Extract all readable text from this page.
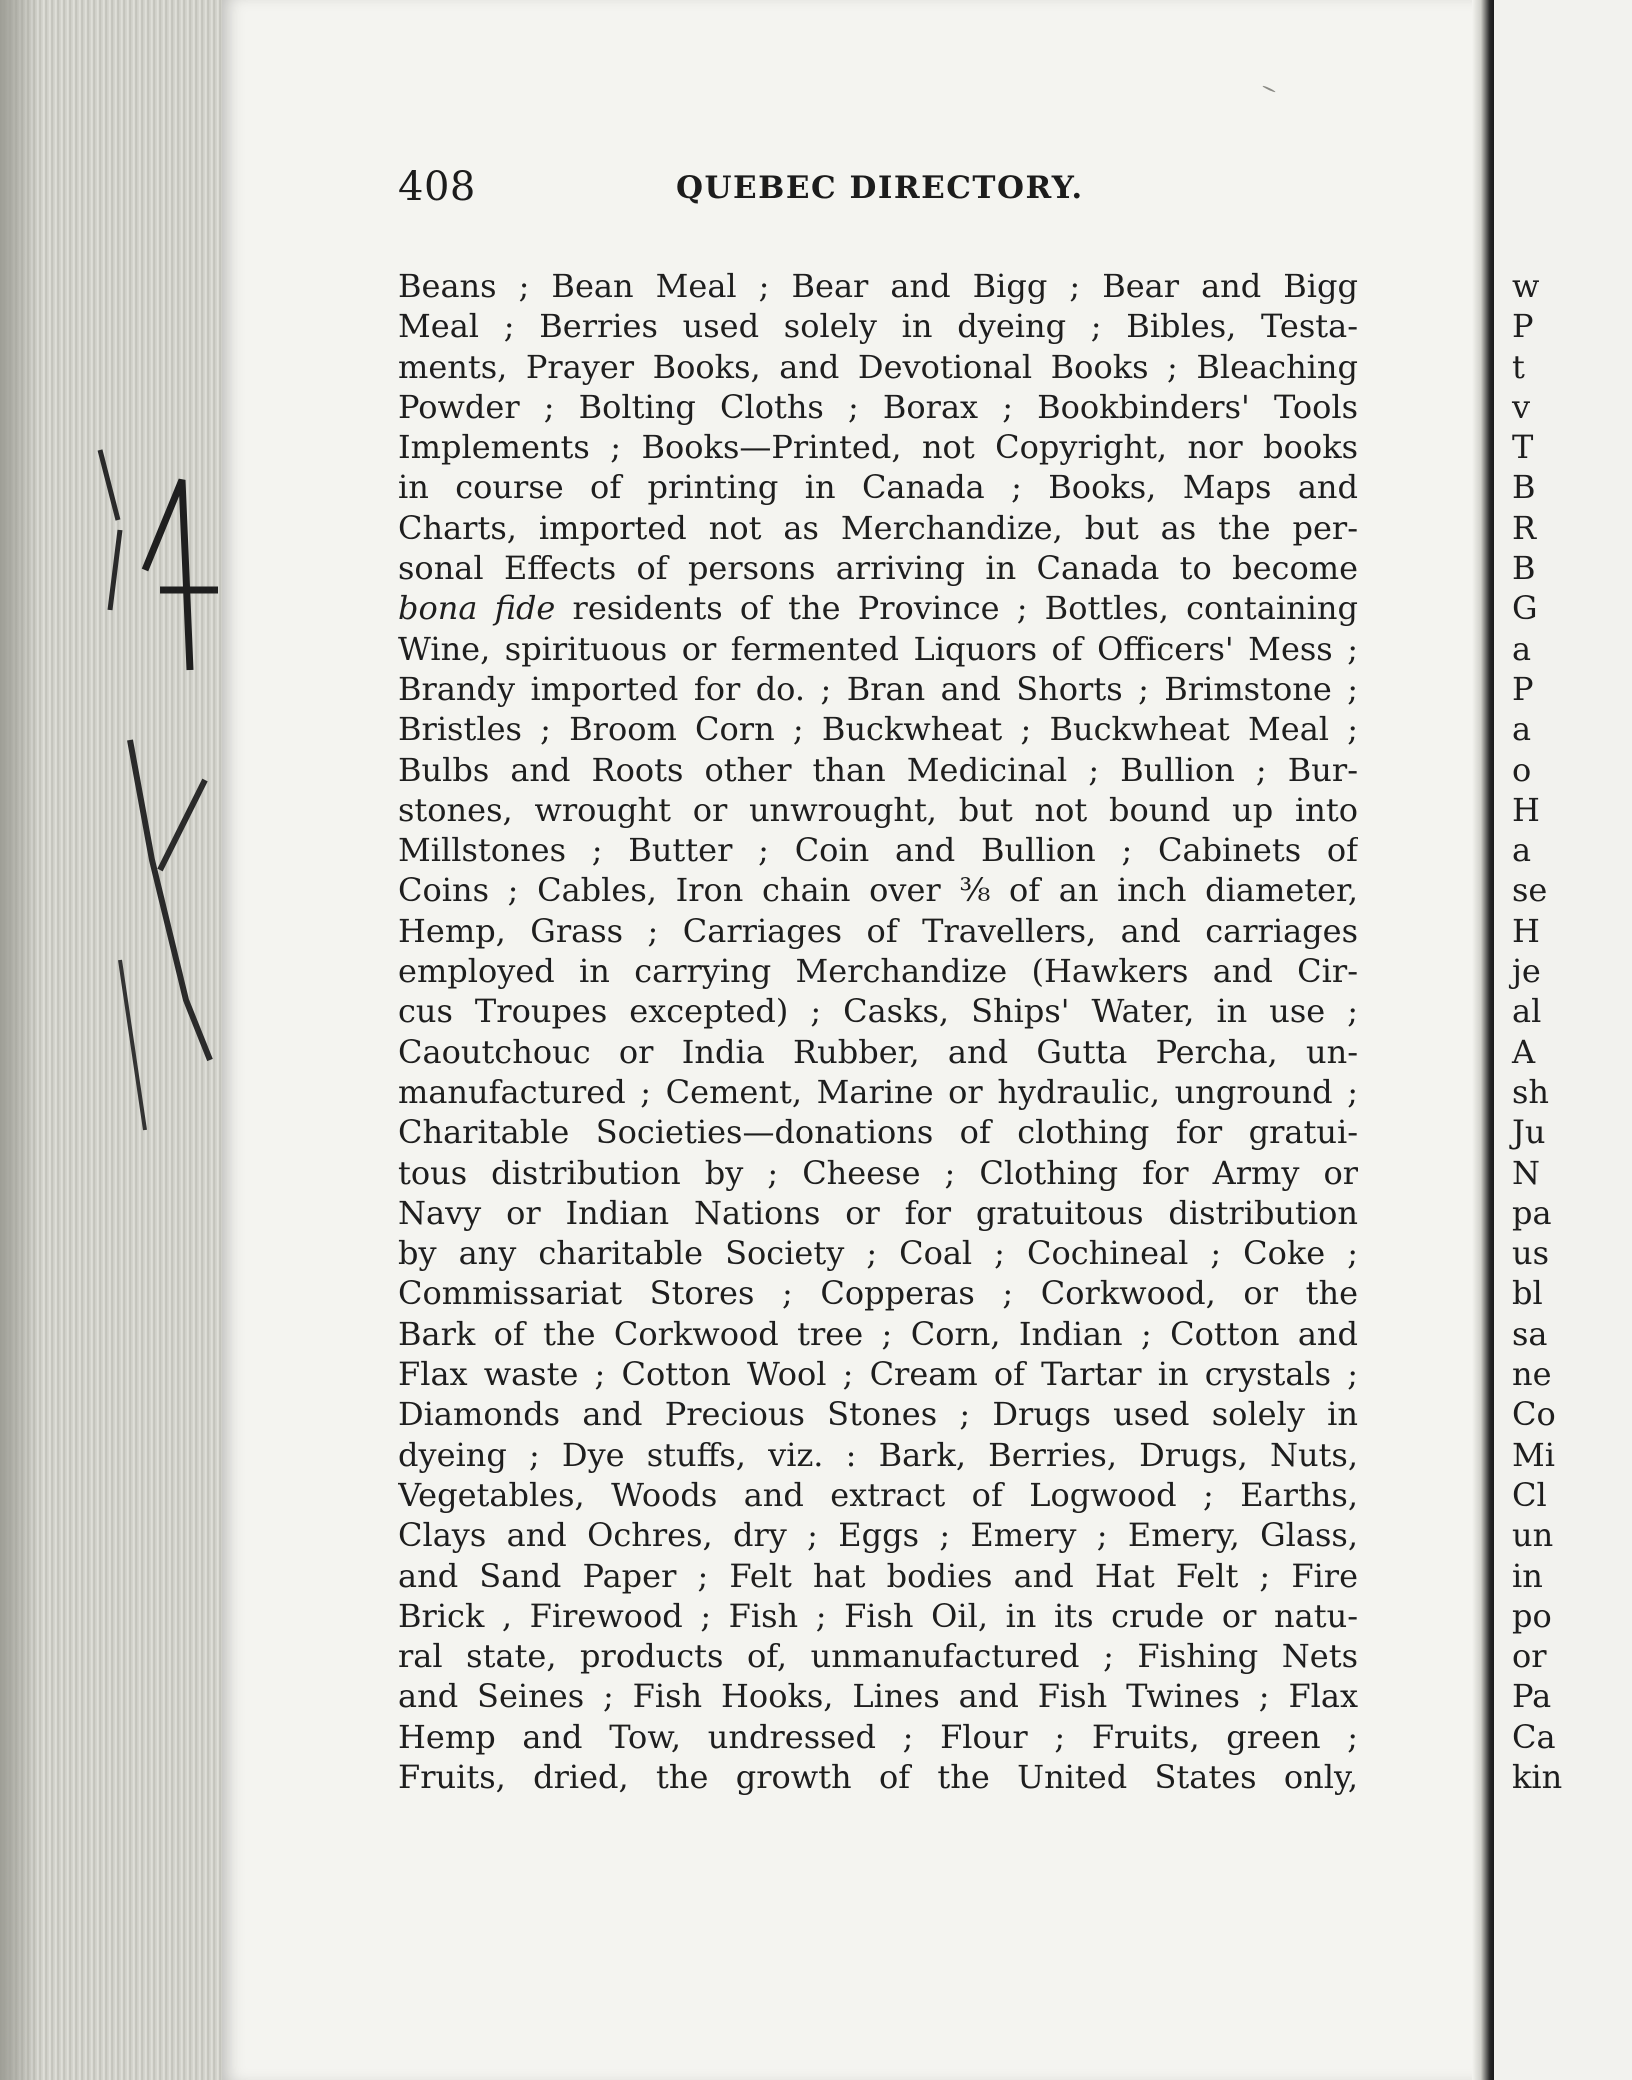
w
P
t
v
T
B
R
B
G
a
P
a
o
H
a
se
H
je
al
A
sh
Ju
N
pa
us
bl
sa
ne
Co
Mi
Cl
un
in
po
or
Pa
Ca
kin
408	QUEBEC DIRECTORY.
Beans ; Bean Meal ; Bear and Bigg ; Bear and Bigg
Meal ; Berries used solely in dyeing ; Bibles, Testa-
ments, Prayer Books, and Devotional Books ; Bleaching
Powder ; Bolting Cloths ; Borax ; Bookbinders' Tools
Implements ; Books—Printed, not Copyright, nor books
in course of printing in Canada ; Books, Maps and
Charts, imported not as Merchandize, but as the per-
sonal Effects of persons arriving in Canada to become
bona fide residents of the Province ; Bottles, containing
Wine, spirituous or fermented Liquors of Officers' Mess ;
Brandy imported for do. ; Bran and Shorts ; Brimstone ;
Bristles ; Broom Corn ; Buckwheat ; Buckwheat Meal ;
Bulbs and Roots other than Medicinal ; Bullion ; Bur-
stones, wrought or unwrought, but not bound up into
Millstones ; Butter ; Coin and Bullion ; Cabinets of
Coins ; Cables, Iron chain over ⅜ of an inch diameter,
Hemp, Grass ; Carriages of Travellers, and carriages
employed in carrying Merchandize (Hawkers and Cir-
cus Troupes excepted) ; Casks, Ships' Water, in use ;
Caoutchouc or India Rubber, and Gutta Percha, un-
manufactured ; Cement, Marine or hydraulic, unground ;
Charitable Societies—donations of clothing for gratui-
tous distribution by ; Cheese ; Clothing for Army or
Navy or Indian Nations or for gratuitous distribution
by any charitable Society ; Coal ; Cochineal ; Coke ;
Commissariat Stores ; Copperas ; Corkwood, or the
Bark of the Corkwood tree ; Corn, Indian ; Cotton and
Flax waste ; Cotton Wool ; Cream of Tartar in crystals ;
Diamonds and Precious Stones ; Drugs used solely in
dyeing ; Dye stuffs, viz. : Bark, Berries, Drugs, Nuts,
Vegetables, Woods and extract of Logwood ; Earths,
Clays and Ochres, dry ; Eggs ; Emery ; Emery, Glass,
and Sand Paper ; Felt hat bodies and Hat Felt ; Fire
Brick , Firewood ; Fish ; Fish Oil, in its crude or natu-
ral state, products of, unmanufactured ; Fishing Nets
and Seines ; Fish Hooks, Lines and Fish Twines ; Flax
Hemp and Tow, undressed ; Flour ; Fruits, green ;
Fruits, dried, the growth of the United States only,
